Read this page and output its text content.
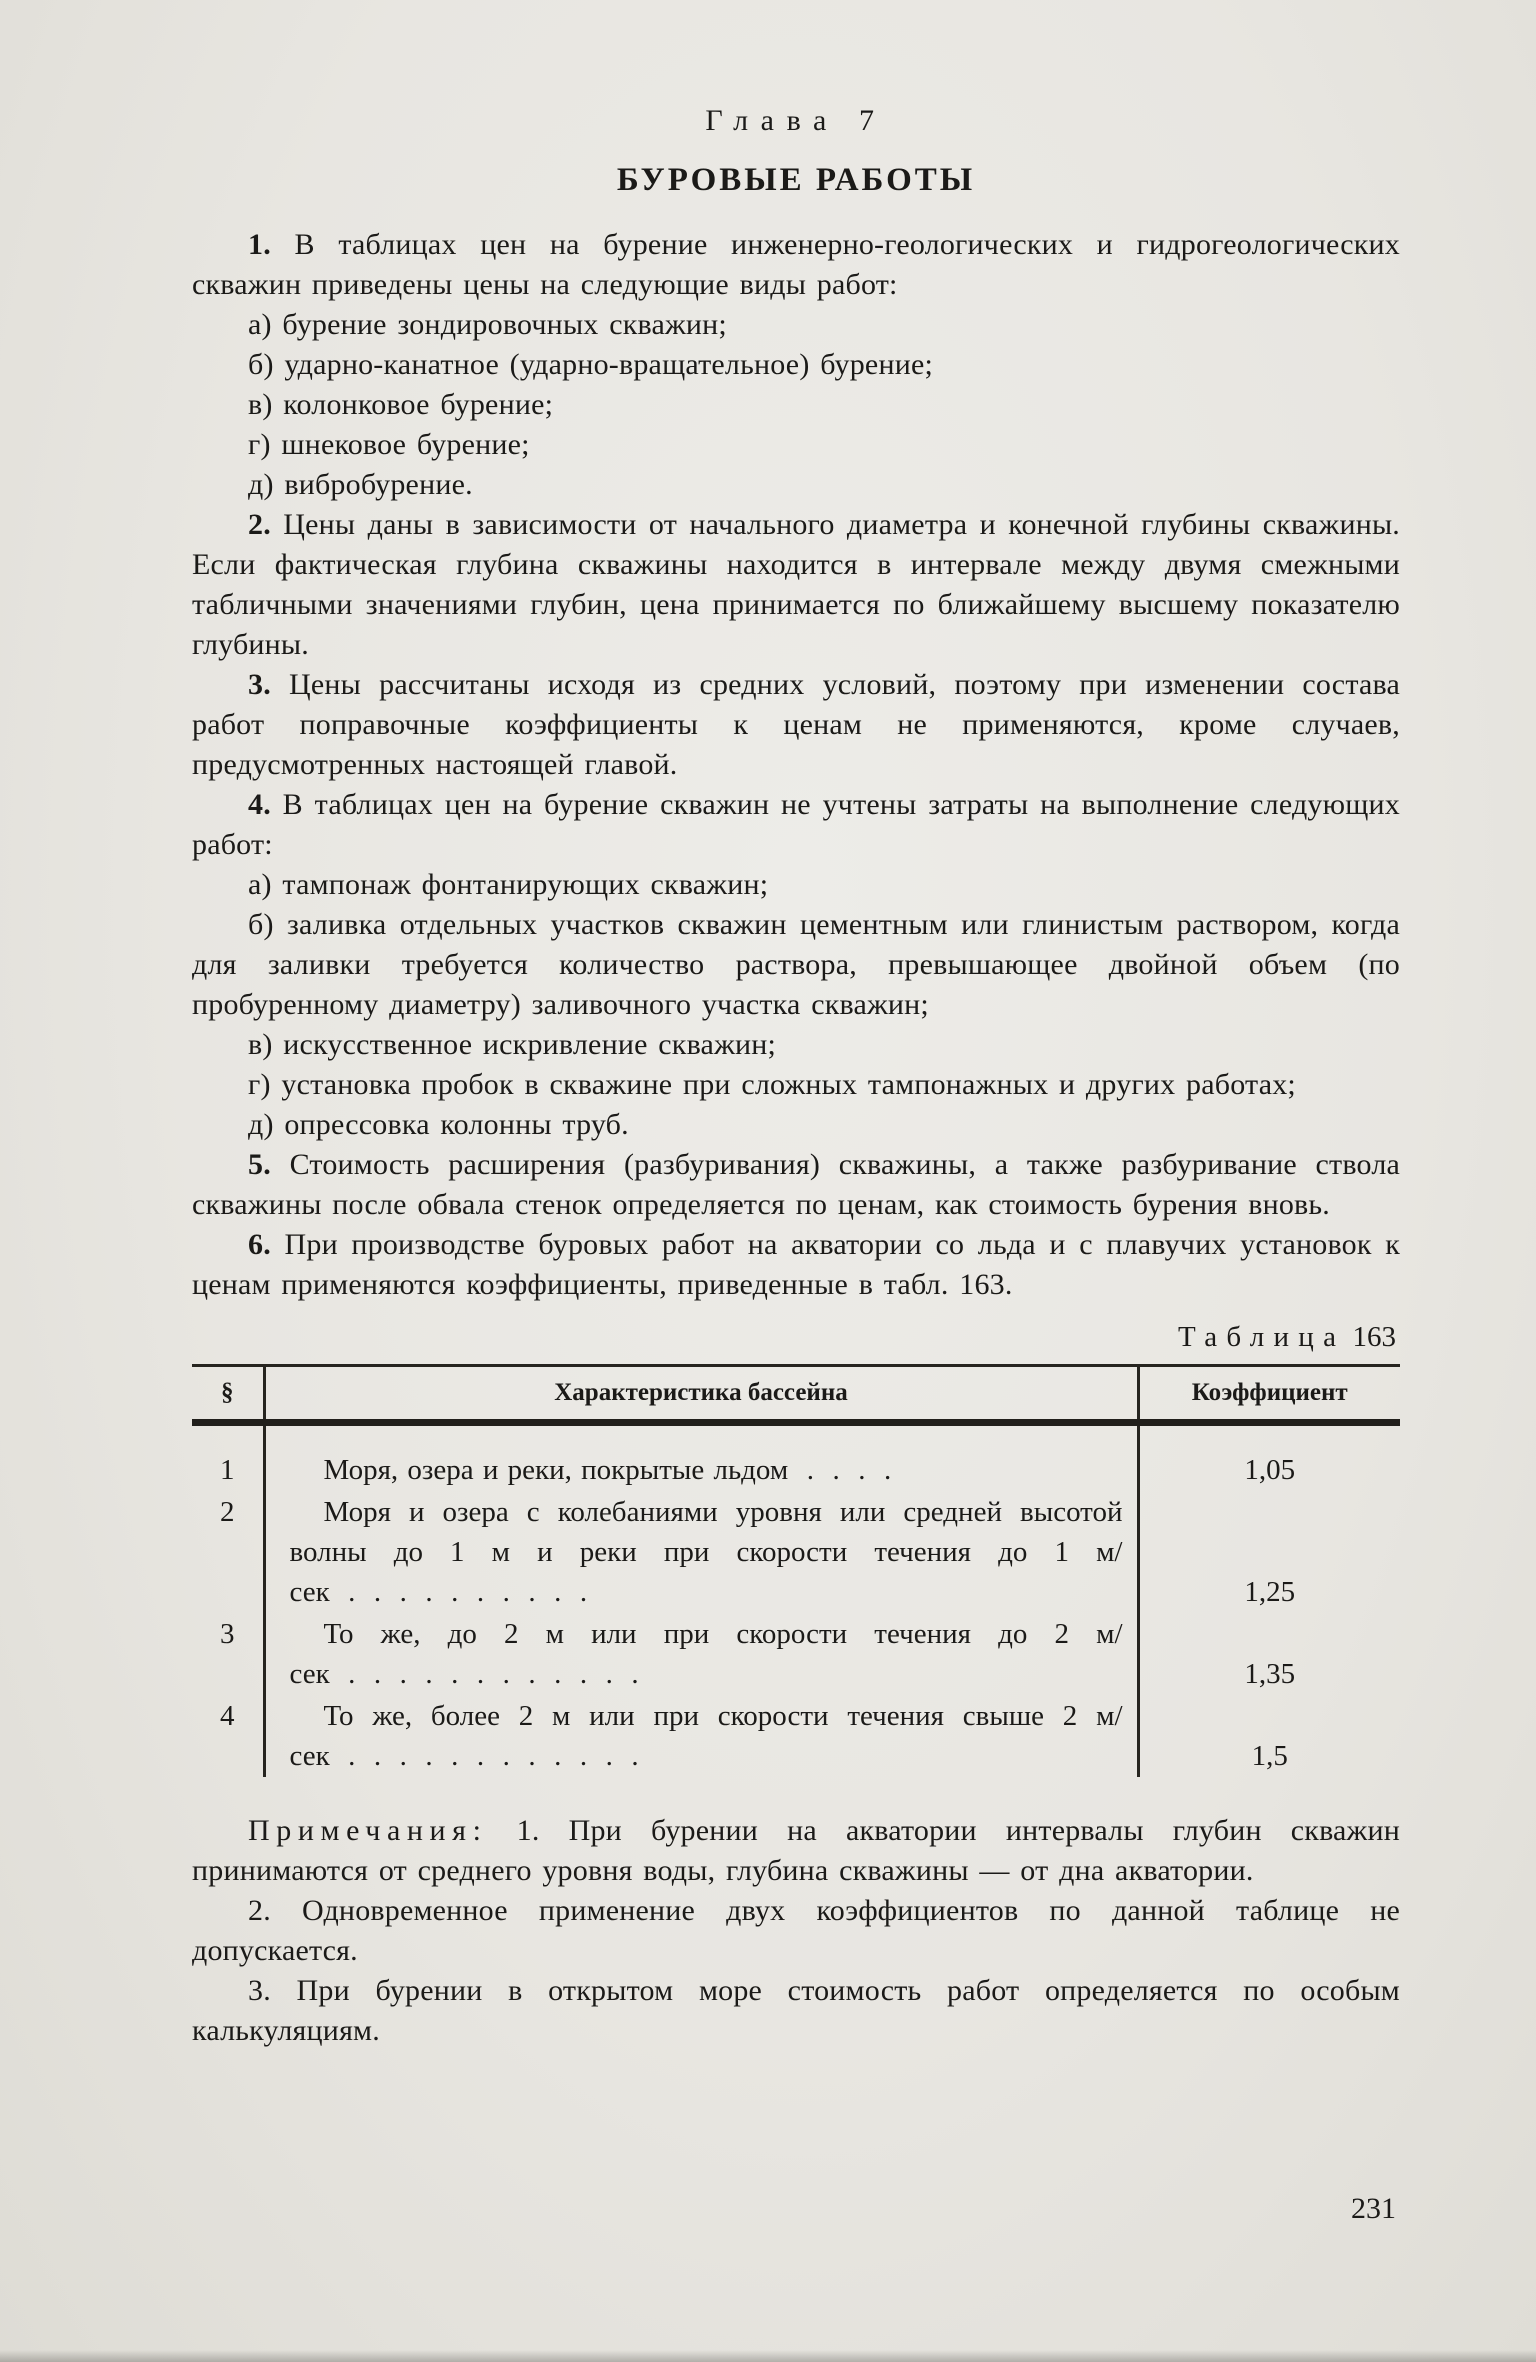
Глава 7
БУРОВЫЕ РАБОТЫ

1. В таблицах цен на бурение инженерно-геологических и гидрогеологических скважин приведены цены на следующие виды работ:

а) бурение зондировочных скважин;

б) ударно-канатное (ударно-вращательное) бурение;

в) колонковое бурение;

г) шнековое бурение;

д) вибробурение.

2. Цены даны в зависимости от начального диаметра и конечной глубины скважины. Если фактическая глубина скважины находится в интервале между двумя смежными табличными значениями глубин, цена принимается по ближайшему высшему показателю глубины.

3. Цены рассчитаны исходя из средних условий, поэтому при изменении состава работ поправочные коэффициенты к ценам не применяются, кроме случаев, предусмотренных настоящей главой.

4. В таблицах цен на бурение скважин не учтены затраты на выполнение следующих работ:

а) тампонаж фонтанирующих скважин;

б) заливка отдельных участков скважин цементным или глинистым раствором, когда для заливки требуется количество раствора, превышающее двойной объем (по пробуренному диаметру) заливочного участка скважин;

в) искусственное искривление скважин;

г) установка пробок в скважине при сложных тампонажных и других работах;

д) опрессовка колонны труб.

5. Стоимость расширения (разбуривания) скважины, а также разбуривание ствола скважины после обвала стенок определяется по ценам, как стоимость бурения вновь.

6. При производстве буровых работ на акватории со льда и с плавучих установок к ценам применяются коэффициенты, приведенные в табл. 163.

Таблица 163
§	Характеристика бассейна	Коэффициент
1	Моря, озера и реки, покрытые льдом  .  .  .  .	1,05
2	Моря и озера с колебаниями уровня или средней высотой волны до 1 м и реки при скорости течения до 1 м/сек  .  .  .  .  .  .  .  .  .  .	1,25
3	То же, до 2 м или при скорости течения до 2 м/сек  .  .  .  .  .  .  .  .  .  .  .  .	1,35
4	То же, более 2 м или при скорости течения свыше 2 м/сек  .  .  .  .  .  .  .  .  .  .  .  .	1,5

Примечания: 1. При бурении на акватории интервалы глубин скважин принимаются от среднего уровня воды, глубина скважины — от дна акватории.

2. Одновременное применение двух коэффициентов по данной таблице не допускается.

3. При бурении в открытом море стоимость работ определяется по особым калькуляциям.

231
